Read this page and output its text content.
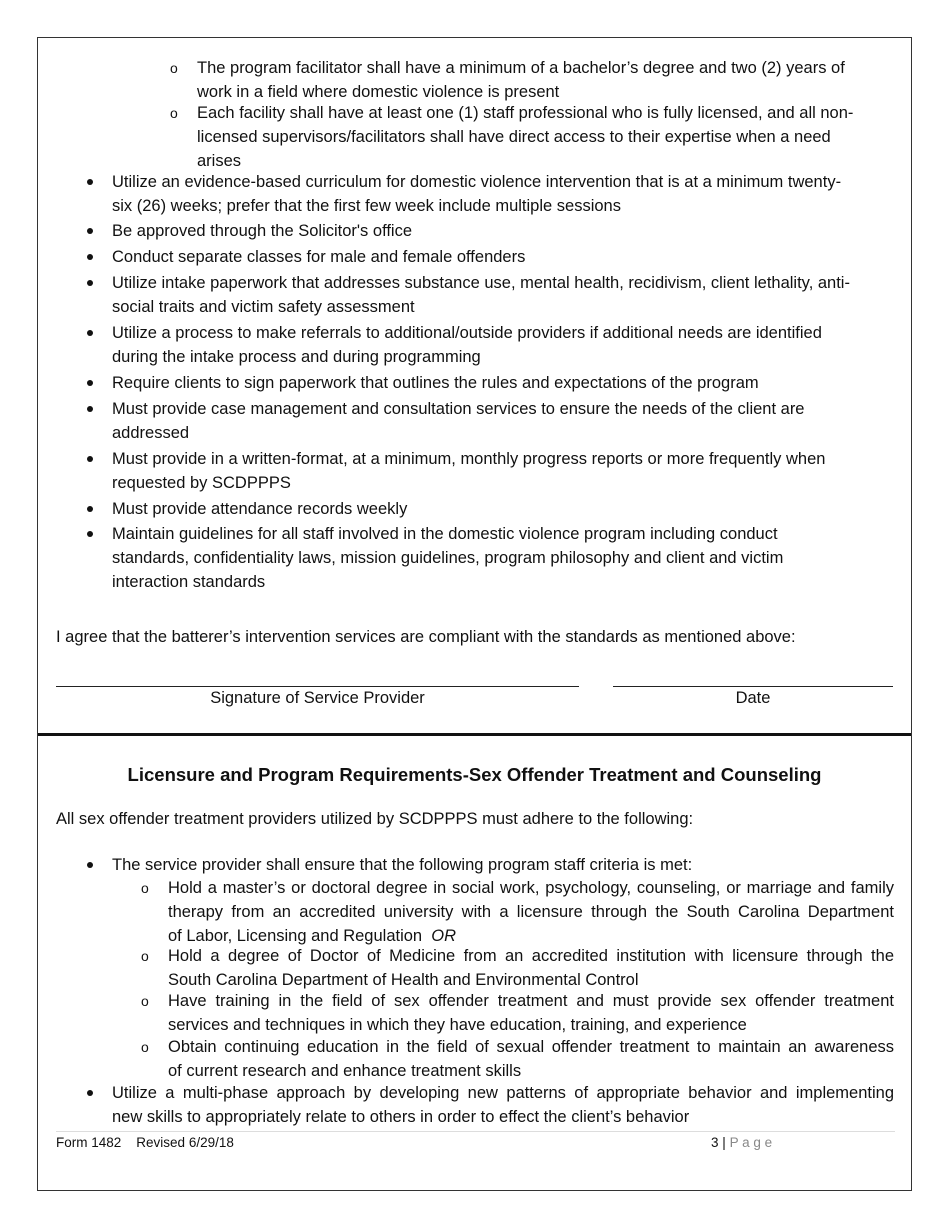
o The program facilitator shall have a minimum of a bachelor’s degree and two (2) years of
work in a field where domestic violence is present
o Each facility shall have at least one (1) staff professional who is fully licensed, and all non-
licensed supervisors/facilitators shall have direct access to their expertise when a need
arises
Utilize an evidence-based curriculum for domestic violence intervention that is at a minimum twenty-
six (26) weeks; prefer that the first few week include multiple sessions
Be approved through the Solicitor's office
Conduct separate classes for male and female offenders
Utilize intake paperwork that addresses substance use, mental health, recidivism, client lethality, anti-
social traits and victim safety assessment
Utilize a process to make referrals to additional/outside providers if additional needs are identified
during the intake process and during programming
Require clients to sign paperwork that outlines the rules and expectations of the program
Must provide case management and consultation services to ensure the needs of the client are
addressed
Must provide in a written-format, at a minimum, monthly progress reports or more frequently when
requested by SCDPPPS
Must provide attendance records weekly
Maintain guidelines for all staff involved in the domestic violence program including conduct
standards, confidentiality laws, mission guidelines, program philosophy and client and victim
interaction standards
I agree that the batterer’s intervention services are compliant with the standards as mentioned above:
Signature of Service Provider	Date
Licensure and Program Requirements-Sex Offender Treatment and Counseling
All sex offender treatment providers utilized by SCDPPPS must adhere to the following:
The service provider shall ensure that the following program staff criteria is met:
o Hold a master’s or doctoral degree in social work, psychology, counseling, or marriage and family
therapy from an accredited university with a licensure through the South Carolina Department
of Labor, Licensing and Regulation OR
o Hold a degree of Doctor of Medicine from an accredited institution with licensure through the
South Carolina Department of Health and Environmental Control
o Have training in the field of sex offender treatment and must provide sex offender treatment
services and techniques in which they have education, training, and experience
o Obtain continuing education in the field of sexual offender treatment to maintain an awareness
of current research and enhance treatment skills
Utilize a multi-phase approach by developing new patterns of appropriate behavior and implementing
new skills to appropriately relate to others in order to effect the client’s behavior
Form 1482 Revised 6/29/18	3 | P a g e
